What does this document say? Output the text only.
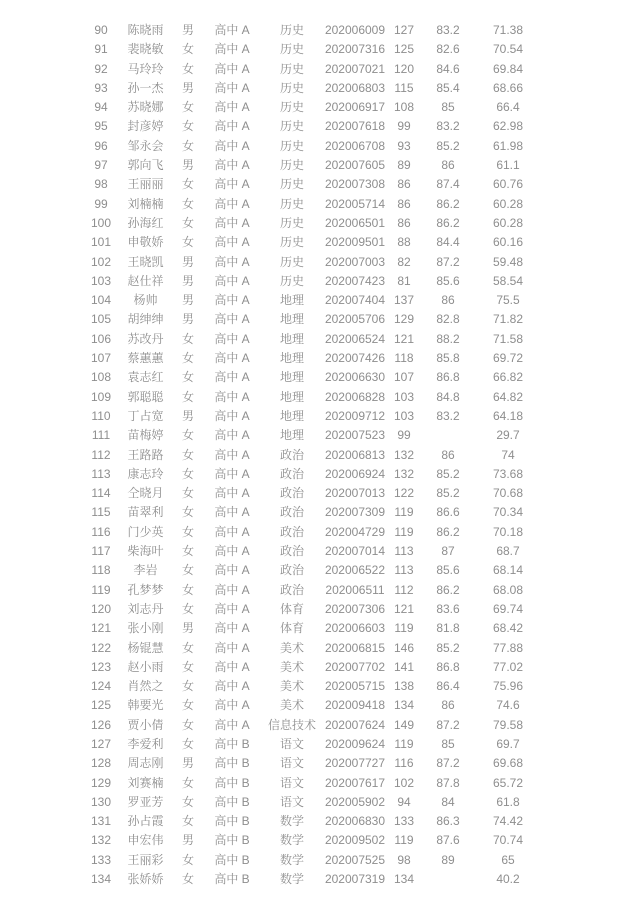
90	陈晓雨	男	高中 A	历史	202006009	127	83.2	71.38
91	裴晓敏	女	高中 A	历史	202007316	125	82.6	70.54
92	马玲玲	女	高中 A	历史	202007021	120	84.6	69.84
93	孙一杰	男	高中 A	历史	202006803	115	85.4	68.66
94	苏晓娜	女	高中 A	历史	202006917	108	85	66.4
95	封彦婷	女	高中 A	历史	202007618	99	83.2	62.98
96	邹永会	女	高中 A	历史	202006708	93	85.2	61.98
97	郭向飞	男	高中 A	历史	202007605	89	86	61.1
98	王丽丽	女	高中 A	历史	202007308	86	87.4	60.76
99	刘楠楠	女	高中 A	历史	202005714	86	86.2	60.28
100	孙海红	女	高中 A	历史	202006501	86	86.2	60.28
101	申敬娇	女	高中 A	历史	202009501	88	84.4	60.16
102	王晓凯	男	高中 A	历史	202007003	82	87.2	59.48
103	赵仕祥	男	高中 A	历史	202007423	81	85.6	58.54
104	杨帅	男	高中 A	地理	202007404	137	86	75.5
105	胡绅绅	男	高中 A	地理	202005706	129	82.8	71.82
106	苏改丹	女	高中 A	地理	202006524	121	88.2	71.58
107	蔡蕙蕙	女	高中 A	地理	202007426	118	85.8	69.72
108	袁志红	女	高中 A	地理	202006630	107	86.8	66.82
109	郭聪聪	女	高中 A	地理	202006828	103	84.8	64.82
110	丁占宽	男	高中 A	地理	202009712	103	83.2	64.18
111	苗梅婷	女	高中 A	地理	202007523	99		29.7
112	王路路	女	高中 A	政治	202006813	132	86	74
113	康志玲	女	高中 A	政治	202006924	132	85.2	73.68
114	仝晓月	女	高中 A	政治	202007013	122	85.2	70.68
115	苗翠利	女	高中 A	政治	202007309	119	86.6	70.34
116	门少英	女	高中 A	政治	202004729	119	86.2	70.18
117	柴海叶	女	高中 A	政治	202007014	113	87	68.7
118	李岩	女	高中 A	政治	202006522	113	85.6	68.14
119	孔梦梦	女	高中 A	政治	202006511	112	86.2	68.08
120	刘志丹	女	高中 A	体育	202007306	121	83.6	69.74
121	张小刚	男	高中 A	体育	202006603	119	81.8	68.42
122	杨锟慧	女	高中 A	美术	202006815	146	85.2	77.88
123	赵小雨	女	高中 A	美术	202007702	141	86.8	77.02
124	肖然之	女	高中 A	美术	202005715	138	86.4	75.96
125	韩要光	女	高中 A	美术	202009418	134	86	74.6
126	贾小倩	女	高中 A	信息技术	202007624	149	87.2	79.58
127	李爱利	女	高中 B	语文	202009624	119	85	69.7
128	周志刚	男	高中 B	语文	202007727	116	87.2	69.68
129	刘赛楠	女	高中 B	语文	202007617	102	87.8	65.72
130	罗亚芳	女	高中 B	语文	202005902	94	84	61.8
131	孙占霞	女	高中 B	数学	202006830	133	86.3	74.42
132	申宏伟	男	高中 B	数学	202009502	119	87.6	70.74
133	王丽彩	女	高中 B	数学	202007525	98	89	65
134	张娇娇	女	高中 B	数学	202007319	134		40.2
